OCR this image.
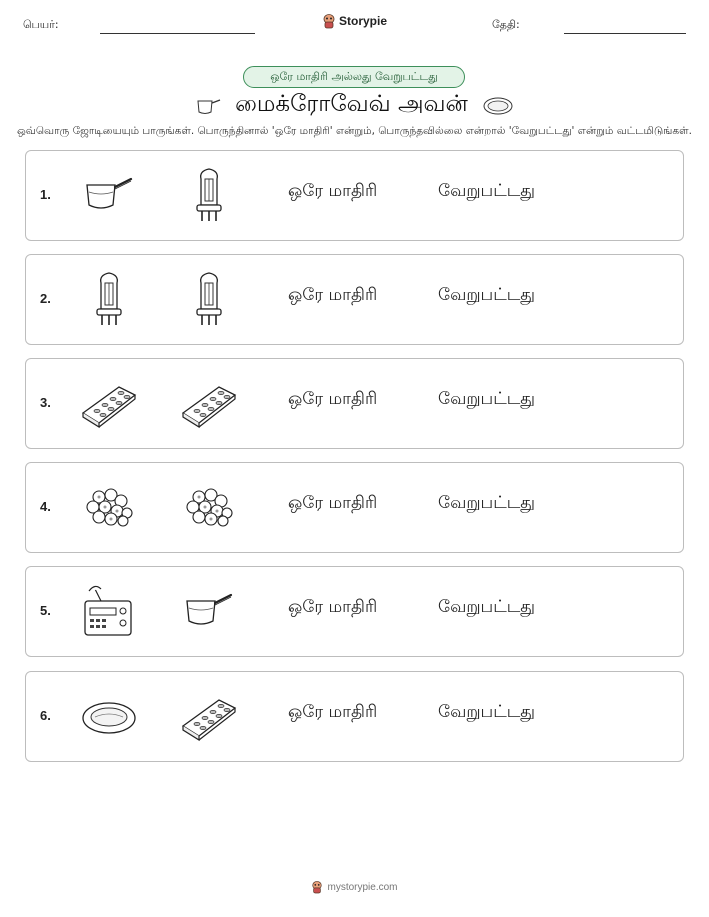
பெயர்:	Storypie	தேதி:
ஒரே மாதிரி அல்லது வேறுபட்டது
மைக்ரோவேவ் அவன்
ஒவ்வொரு ஜோடியையும் பாருங்கள். பொருந்தினால் 'ஒரே மாதிரி' என்றும், பொருந்தவில்லை என்றால் 'வேறுபட்டது' என்றும் வட்டமிடுங்கள்.
1.	ஒரே மாதிரி	வேறுபட்டது
2.	ஒரே மாதிரி	வேறுபட்டது
3.	ஒரே மாதிரி	வேறுபட்டது
4.	ஒரே மாதிரி	வேறுபட்டது
5.	ஒரே மாதிரி	வேறுபட்டது
6.	ஒரே மாதிரி	வேறுபட்டது
mystorypie.com
